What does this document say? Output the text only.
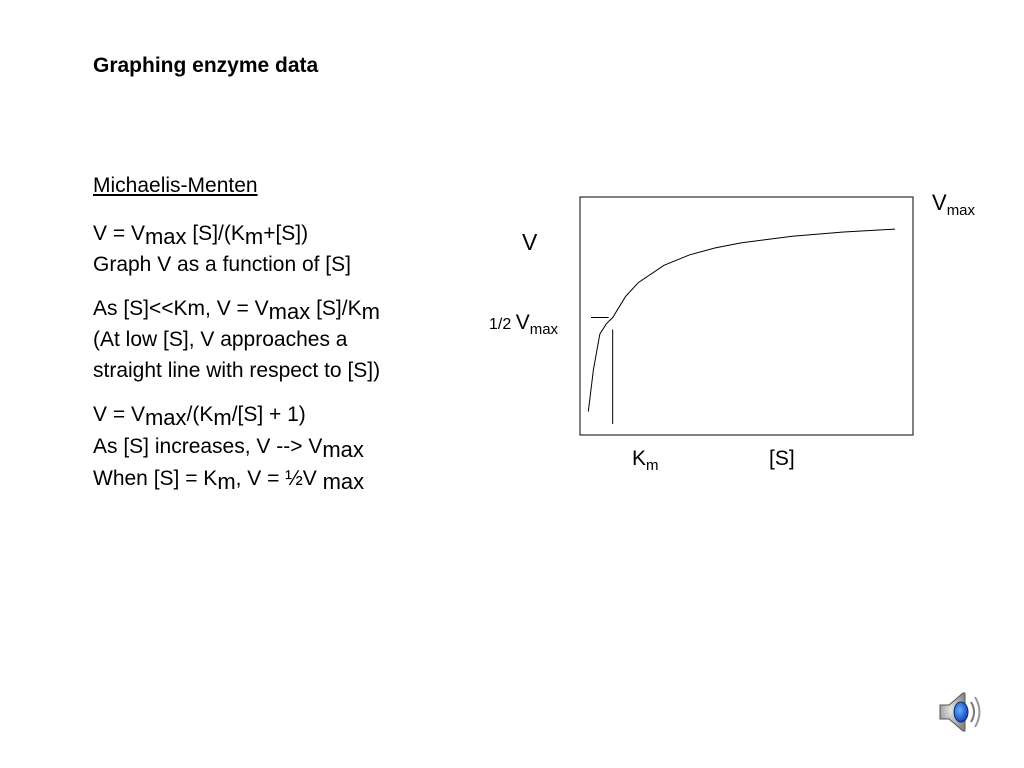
Graphing enzyme data
Michaelis-Menten
V = Vmax [S]/(Km+[S])
Graph V as a function of [S]
As [S]<<Km, V = Vmax [S]/Km
(At low [S], V approaches a
straight line with respect to [S])
V = Vmax/(Km/[S] + 1)
As [S] increases, V --> Vmax
When [S] = Km, V = ½V max
V
$V_{max}$
1/2 $V_{max}$
$K_m$	[S]
